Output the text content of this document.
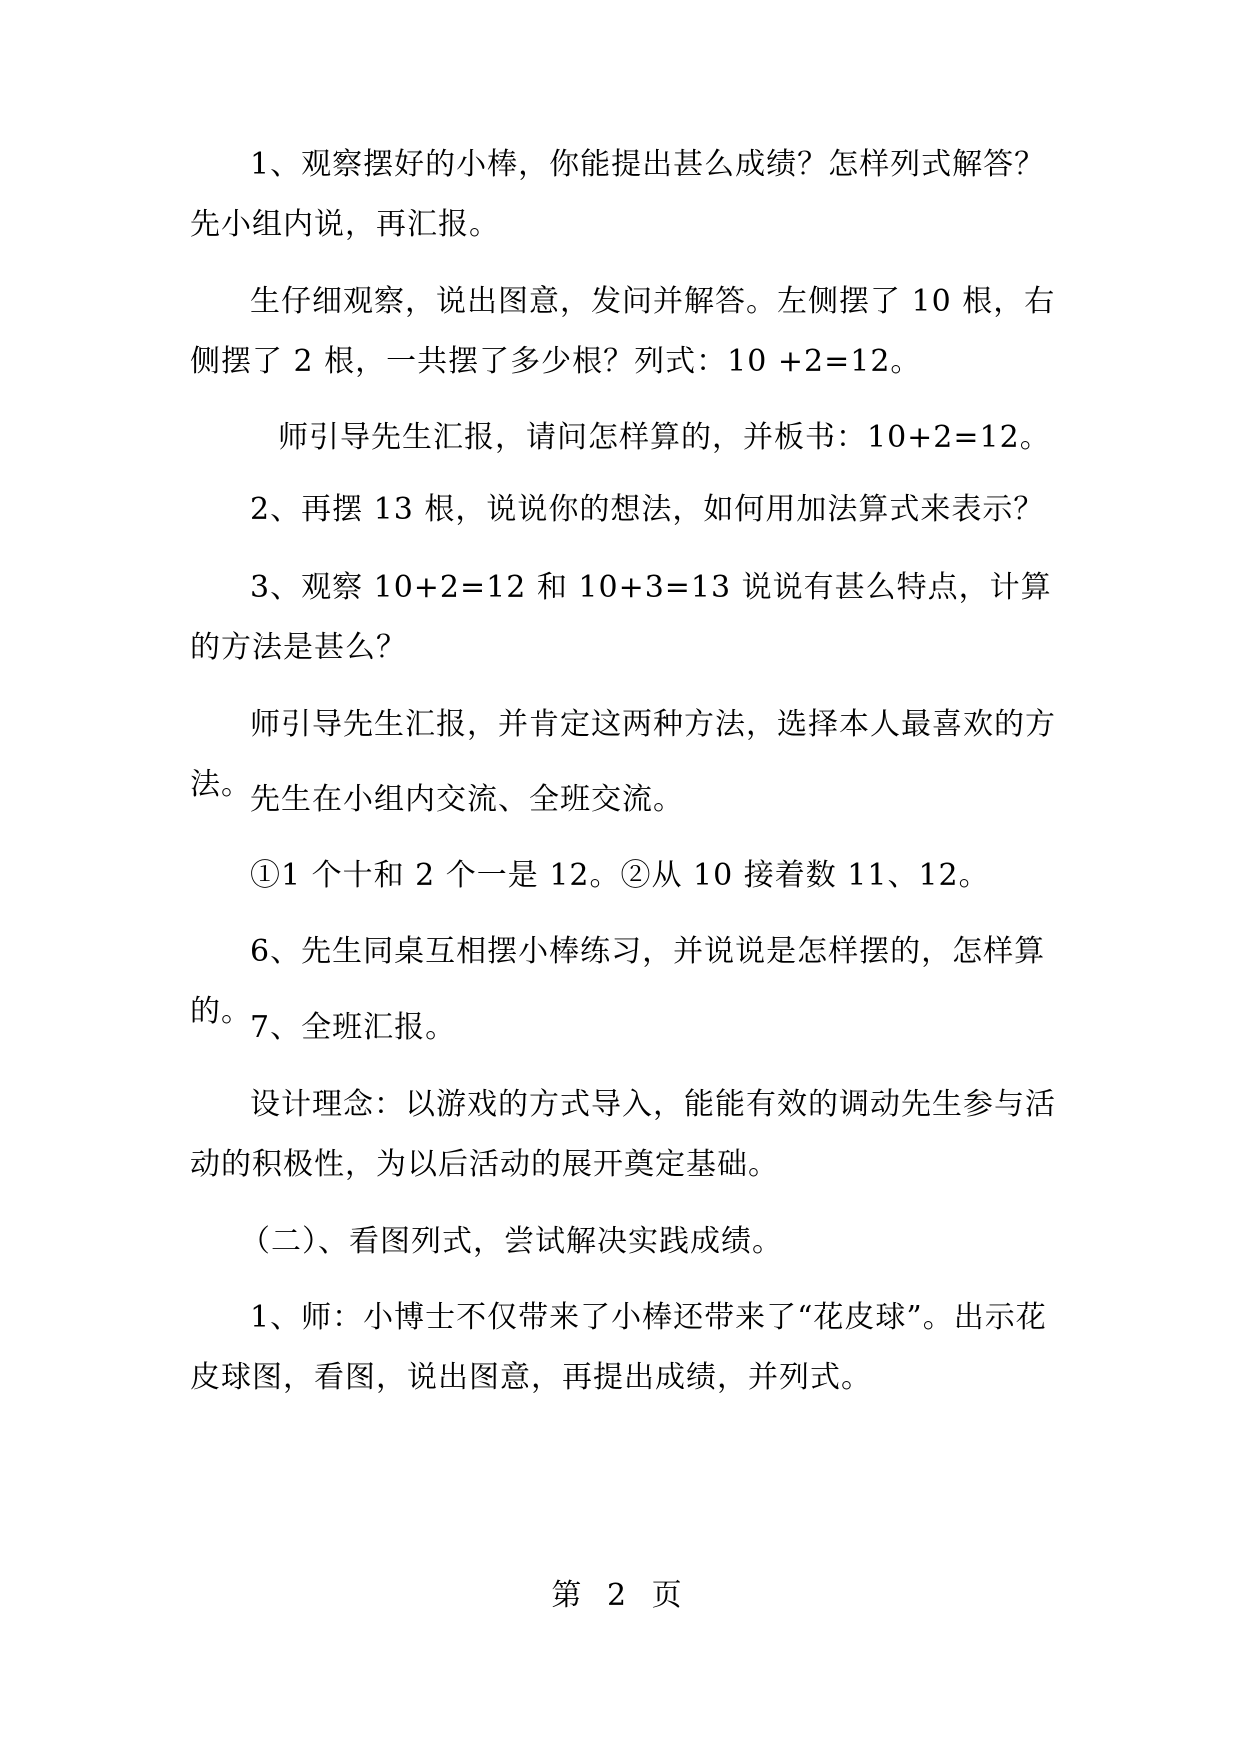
1、观察摆好的小棒，你能提出甚么成绩？怎样列式解答？先小组内说，再汇报。

生仔细观察，说出图意，发问并解答。左侧摆了 10 根，右侧摆了 2 根，一共摆了多少根？列式：10 +2=12。

师引导先生汇报，请问怎样算的，并板书：10+2=12。

2、再摆 13 根，说说你的想法，如何用加法算式来表示？

3、观察 10+2=12 和 10+3=13 说说有甚么特点，计算的方法是甚么？

师引导先生汇报，并肯定这两种方法，选择本人最喜欢的方法。

先生在小组内交流、全班交流。

①1 个十和 2 个一是 12。②从 10 接着数 11、12。

6、先生同桌互相摆小棒练习，并说说是怎样摆的，怎样算的。

7、全班汇报。

设计理念：以游戏的方式导入，能能有效的调动先生参与活动的积极性，为以后活动的展开奠定基础。

（二）、看图列式，尝试解决实践成绩。

1、师：小博士不仅带来了小棒还带来了“花皮球”。出示花皮球图，看图，说出图意，再提出成绩，并列式。

第 2 页
